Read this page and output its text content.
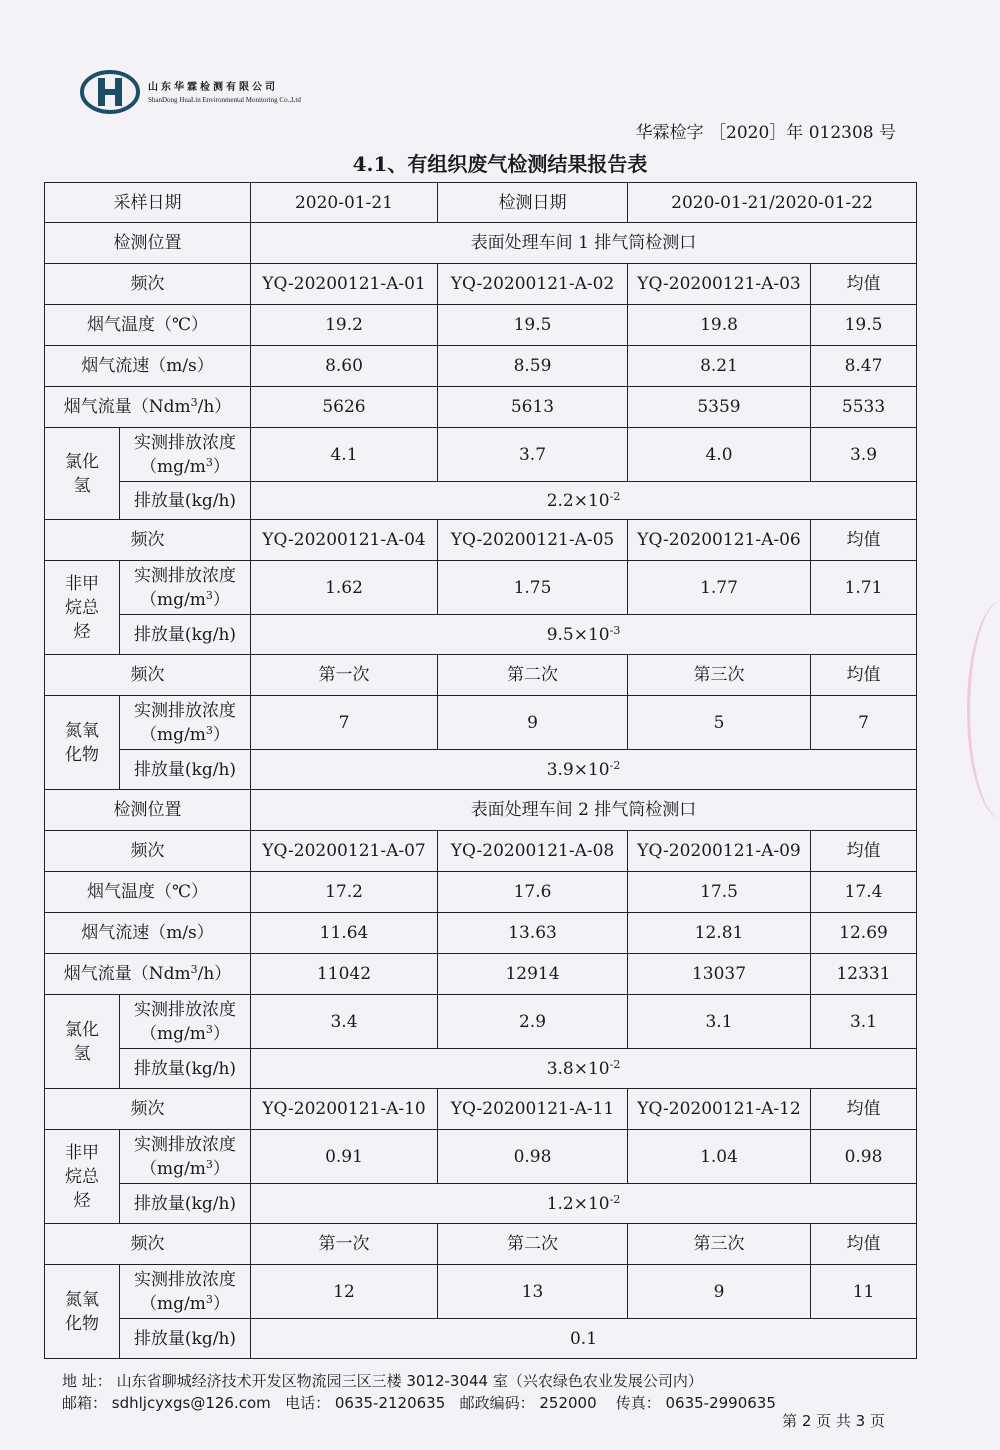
山东华霖检测有限公司
ShanDong HuaLin Environmental Monitoring Co.,Ltd
华霖检字 ［2020］年 012308 号
4.1、有组织废气检测结果报告表
采样日期		2020-01-21	检测日期	2020-01-21/2020-01-22	
检测位置		表面处理车间 1 排气筒检测口			
频次		YQ-20200121-A-01	YQ-20200121-A-02	YQ-20200121-A-03	均值
烟气温度（℃）		19.2	19.5	19.8	19.5
烟气流速（m/s）		8.60	8.59	8.21	8.47
烟气流量（Ndm$^3$/h）		5626	5613	5359	5533
氯化氢	实测排放浓度$(mg/m^3)$	4.1	3.7	4.0	3.9
	排放量(kg/h)	$2.2\times 10^{-2}$
频次		YQ-20200121-A-04	YQ-20200121-A-05	YQ-20200121-A-06	均值
非甲烷总烃	实测排放浓度$(mg/m^3)$	1.62	1.75	1.77	1.71
	排放量(kg/h)	$9.5\times 10^{-3}$
频次		第一次	第二次	第三次	均值
氮氧化物	实测排放浓度$(mg/m^3)$	7	9	5	7
	排放量(kg/h)	$3.9\times 10^{-2}$
检测位置		表面处理车间 2 排气筒检测口			
频次		YQ-20200121-A-07	YQ-20200121-A-08	YQ-20200121-A-09	均值
烟气温度（℃）		17.2	17.6	17.5	17.4
烟气流速（m/s）		11.64	13.63	12.81	12.69
烟气流量（Ndm$^3$/h）		11042	12914	13037	12331
氯化氢	实测排放浓度$(mg/m^3)$	3.4	2.9	3.1	3.1
	排放量(kg/h)	$3.8\times 10^{-2}$
频次		YQ-20200121-A-10	YQ-20200121-A-11	YQ-20200121-A-12	均值
非甲烷总烃	实测排放浓度$(mg/m^3)$	0.91	0.98	1.04	0.98
	排放量(kg/h)	$1.2\times 10^{-2}$
频次		第一次	第二次	第三次	均值
氮氧化物	实测排放浓度$(mg/m^3)$	12	13	9	11
	排放量(kg/h)	0.1			
地 址： 山东省聊城经济技术开发区物流园三区三楼 3012-3044 室（兴农绿色农业发展公司内）
邮箱： sdhljcyxgs@126.com 电话： 0635-2120635 邮政编码： 252000 传真： 0635-2990635
第 2 页 共 3 页
